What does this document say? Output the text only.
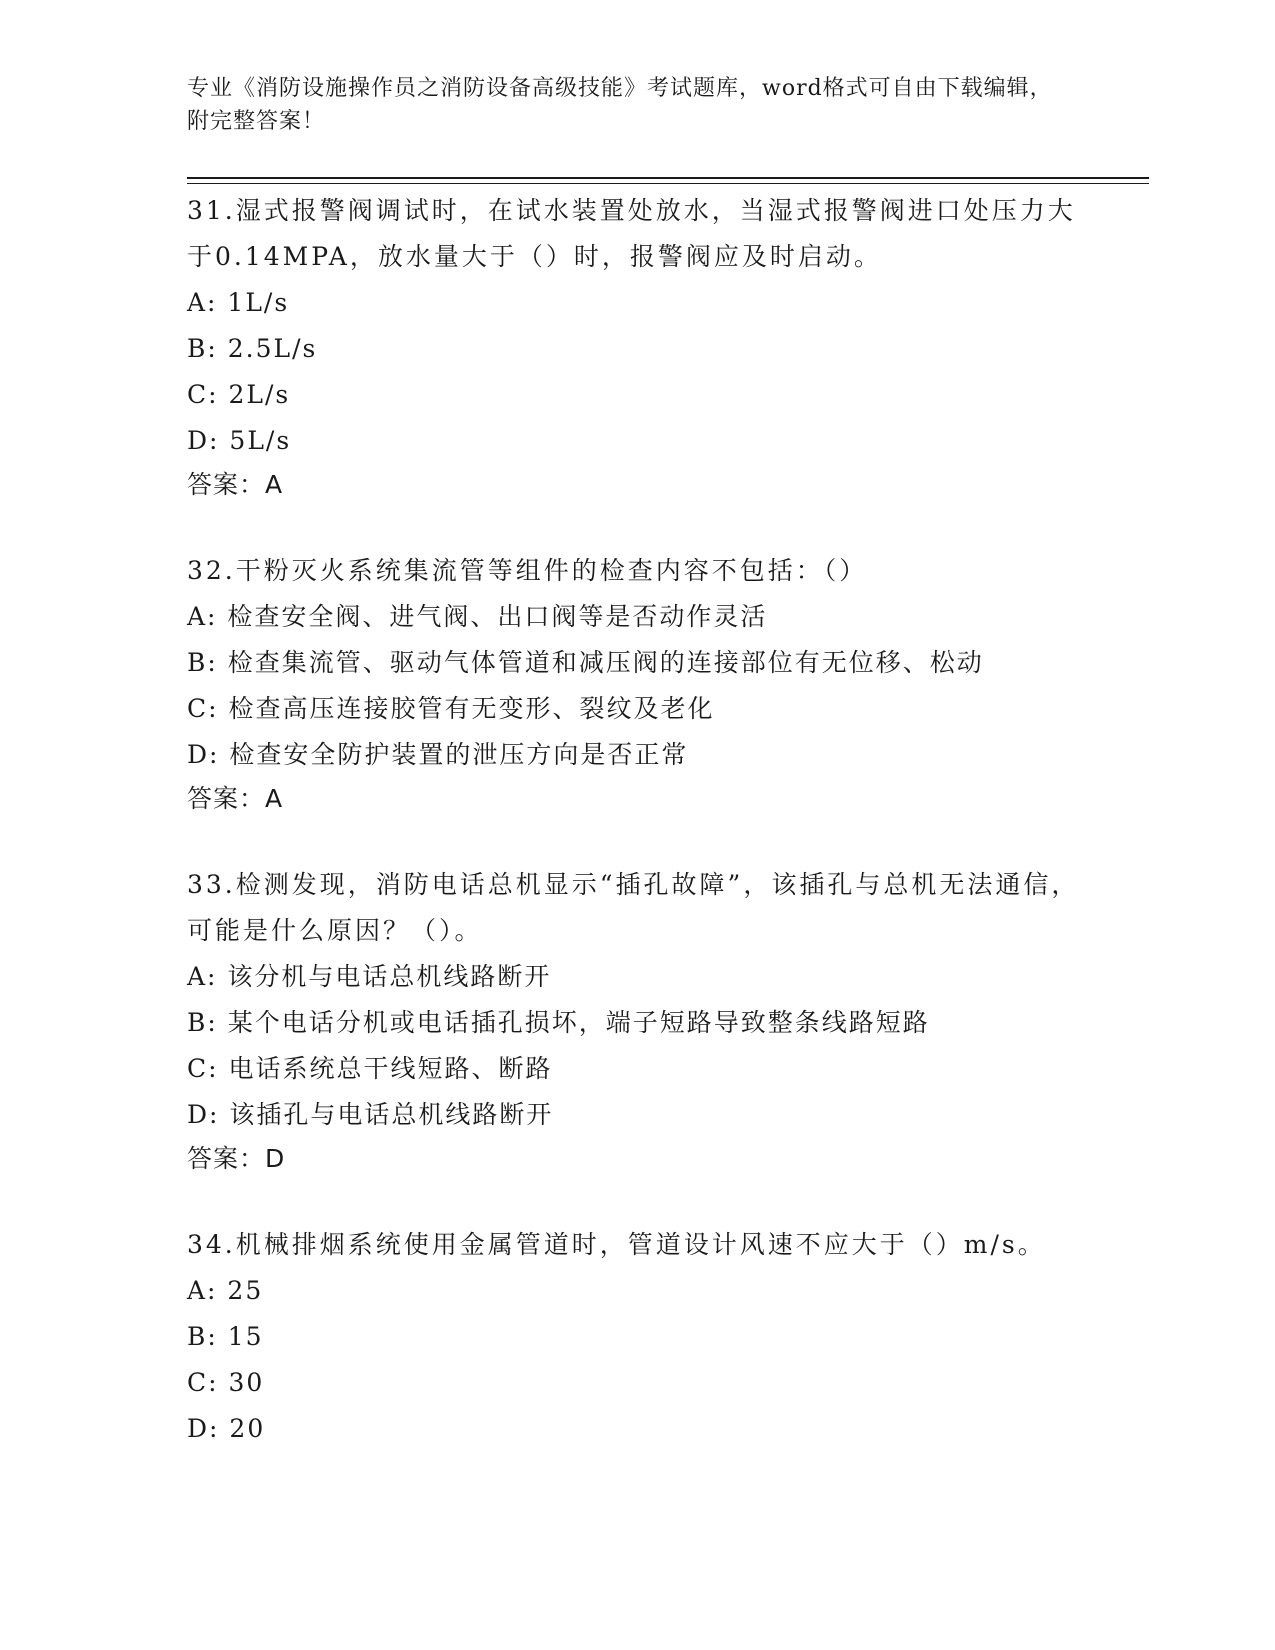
专业《消防设施操作员之消防设备高级技能》考试题库，word格式可自由下载编辑，附完整答案！

31.湿式报警阀调试时，在试水装置处放水，当湿式报警阀进口处压力大于0.14MPA，放水量大于（）时，报警阀应及时启动。

A: 1L/s

B: 2.5L/s

C: 2L/s

D: 5L/s

答案：A

32.干粉灭火系统集流管等组件的检查内容不包括：（）

A: 检查安全阀、进气阀、出口阀等是否动作灵活

B: 检查集流管、驱动气体管道和减压阀的连接部位有无位移、松动

C: 检查高压连接胶管有无变形、裂纹及老化

D: 检查安全防护装置的泄压方向是否正常

答案：A

33.检测发现，消防电话总机显示“插孔故障”，该插孔与总机无法通信，可能是什么原因？（）。

A: 该分机与电话总机线路断开

B: 某个电话分机或电话插孔损坏，端子短路导致整条线路短路

C: 电话系统总干线短路、断路

D: 该插孔与电话总机线路断开

答案：D

34.机械排烟系统使用金属管道时，管道设计风速不应大于（）m/s。

A: 25

B: 15

C: 30

D: 20
